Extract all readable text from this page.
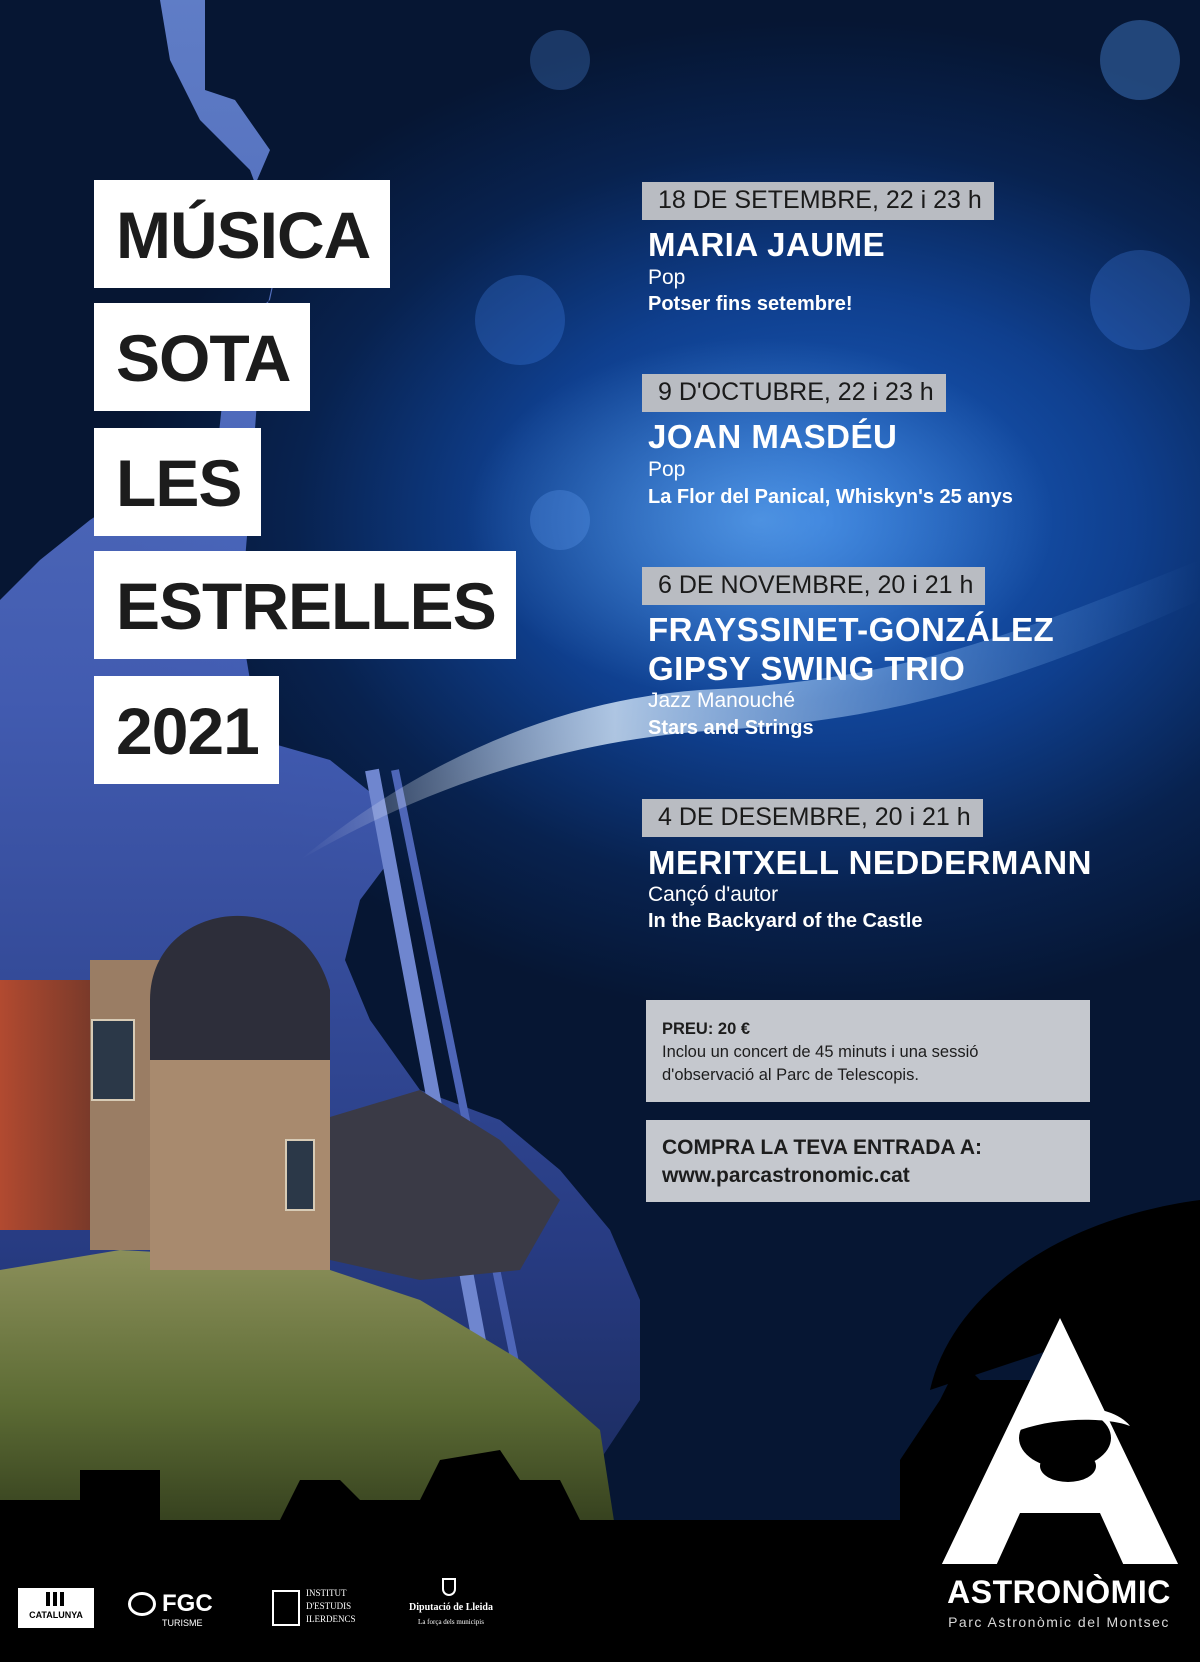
MÚSICA
SOTA
LES
ESTRELLES
2021
18 DE SETEMBRE, 22 i 23 h
MARIA JAUME
Pop
Potser fins setembre!
9 D'OCTUBRE, 22 i 23 h
JOAN MASDÉU
Pop
La Flor del Panical, Whiskyn's 25 anys
6 DE NOVEMBRE, 20 i 21 h
FRAYSSINET-GONZÁLEZ
GIPSY SWING TRIO
Jazz Manouché
Stars and Strings
4 DE DESEMBRE, 20 i 21 h
MERITXELL NEDDERMANN
Cançó d'autor
In the Backyard of the Castle
PREU: 20 €
Inclou un concert de 45 minuts i una sessió
d'observació al Parc de Telescopis.
COMPRA LA TEVA ENTRADA A:
www.parcastronomic.cat
CATALUNYA	FGC
TURISME
INSTITUT
D'ESTUDIS
ILERDENCS
Diputació de Lleida
La força dels municipis
ASTRONÒMIC
Parc Astronòmic del Montsec
